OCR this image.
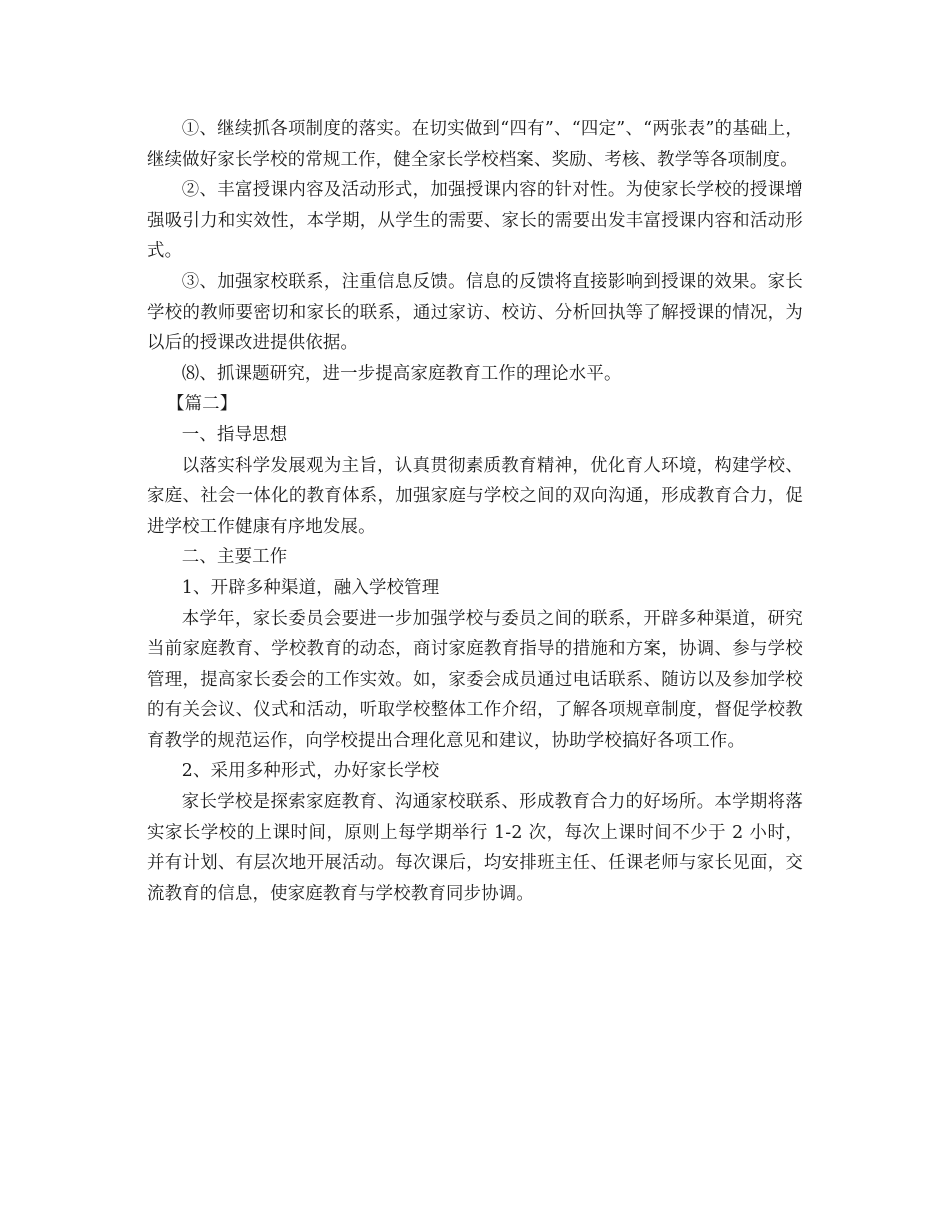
①、继续抓各项制度的落实。在切实做到“四有”、“四定”、“两张表”的基础上，继续做好家长学校的常规工作，健全家长学校档案、奖励、考核、教学等各项制度。

②、丰富授课内容及活动形式，加强授课内容的针对性。为使家长学校的授课增强吸引力和实效性，本学期，从学生的需要、家长的需要出发丰富授课内容和活动形式。

③、加强家校联系，注重信息反馈。信息的反馈将直接影响到授课的效果。家长学校的教师要密切和家长的联系，通过家访、校访、分析回执等了解授课的情况，为以后的授课改进提供依据。

⑻、抓课题研究，进一步提高家庭教育工作的理论水平。

【篇二】

一、指导思想

以落实科学发展观为主旨，认真贯彻素质教育精神，优化育人环境，构建学校、家庭、社会一体化的教育体系，加强家庭与学校之间的双向沟通，形成教育合力，促进学校工作健康有序地发展。

二、主要工作

1、开辟多种渠道，融入学校管理

本学年，家长委员会要进一步加强学校与委员之间的联系，开辟多种渠道，研究当前家庭教育、学校教育的动态，商讨家庭教育指导的措施和方案，协调、参与学校管理，提高家长委会的工作实效。如，家委会成员通过电话联系、随访以及参加学校的有关会议、仪式和活动，听取学校整体工作介绍，了解各项规章制度，督促学校教育教学的规范运作，向学校提出合理化意见和建议，协助学校搞好各项工作。

2、采用多种形式，办好家长学校

家长学校是探索家庭教育、沟通家校联系、形成教育合力的好场所。本学期将落实家长学校的上课时间，原则上每学期举行 1-2 次，每次上课时间不少于 2 小时，并有计划、有层次地开展活动。每次课后，均安排班主任、任课老师与家长见面，交流教育的信息，使家庭教育与学校教育同步协调。
